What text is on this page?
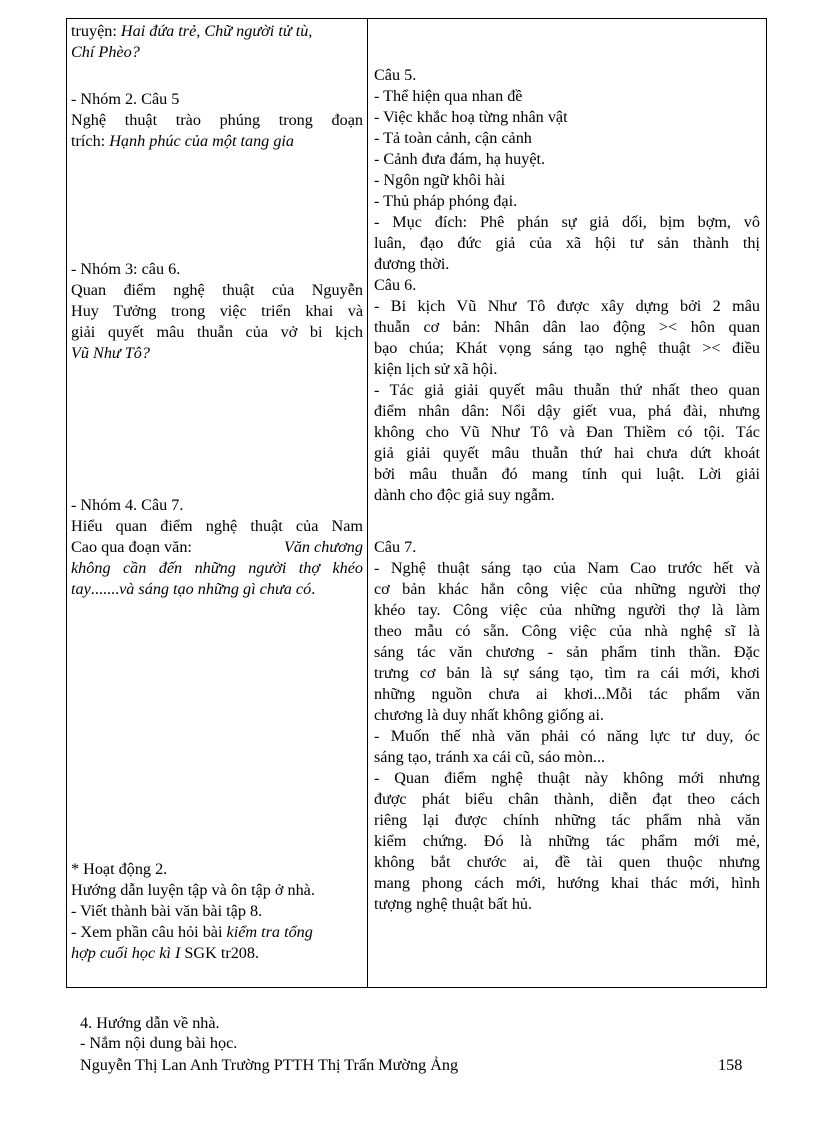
truyện: Hai đứa trẻ, Chữ người tử tù,
Chí Phèo?
- Nhóm 2. Câu 5
Nghệ thuật trào phúng trong đoạn
trích: Hạnh phúc của một tang gia
- Nhóm 3: câu 6.
Quan điểm nghệ thuật của Nguyễn
Huy Tưởng trong việc triển khai và
giải quyết mâu thuẫn của vở bi kịch
Vũ Như Tô?
- Nhóm 4. Câu 7.
Hiểu quan điểm nghệ thuật của Nam
Cao qua đoạn văn:	Văn chương
không cần đến những người thợ khéo
tay.......và sáng tạo những gì chưa có.
* Hoạt động 2.
Hướng dẫn luyện tập và ôn tập ở nhà.
- Viết thành bài văn bài tập 8.
- Xem phần câu hỏi bài kiểm tra tổng
hợp cuối học kì I SGK tr208.
Câu 5.
- Thể hiện qua nhan đề
- Việc khắc hoạ từng nhân vật
- Tả toàn cảnh, cận cảnh
- Cảnh đưa đám, hạ huyệt.
- Ngôn ngữ khôi hài
- Thủ pháp phóng đại.
- Mục đích: Phê phán sự giả dối, bịm bợm, vô
luân, đạo đức giả của xã hội tư sản thành thị
đương thời.
Câu 6.
- Bi kịch Vũ Như Tô được xây dựng bởi 2 mâu
thuẫn cơ bản: Nhân dân lao động >< hôn quan
bạo chúa; Khát vọng sáng tạo nghệ thuật >< điều
kiện lịch sử xã hội.
- Tác giả giải quyết mâu thuẫn thứ nhất theo quan
điểm nhân dân: Nổi dậy giết vua, phá đài, nhưng
không cho Vũ Như Tô và Đan Thiềm có tội. Tác
giả giải quyết mâu thuẫn thứ hai chưa dứt khoát
bởi mâu thuẫn đó mang tính qui luật. Lời giải
dành cho độc giả suy ngẫm.
Câu 7.
- Nghệ thuật sáng tạo của Nam Cao trước hết và
cơ bản khác hẳn công việc của những người thợ
khéo tay. Công việc của những người thợ là làm
theo mẫu có sẵn. Công việc của nhà nghệ sĩ là
sáng tác văn chương - sản phẩm tinh thần. Đặc
trưng cơ bản là sự sáng tạo, tìm ra cái mới, khơi
những nguồn chưa ai khơi...Mỗi tác phẩm văn
chương là duy nhất không giống ai.
- Muốn thế nhà văn phải có năng lực tư duy, óc
sáng tạo, tránh xa cái cũ, sáo mòn...
- Quan điểm nghệ thuật này không mới nhưng
được phát biểu chân thành, diễn đạt theo cách
riêng lại được chính những tác phẩm nhà văn
kiểm chứng. Đó là những tác phẩm mới mẻ,
không bắt chước ai, đề tài quen thuộc nhưng
mang phong cách mới, hướng khai thác mới, hình
tượng nghệ thuật bất hủ.
4. Hướng dẫn về nhà.
- Nắm nội dung bài học.
Nguyễn Thị Lan Anh Trường PTTH Thị Trấn Mường Ảng	158
